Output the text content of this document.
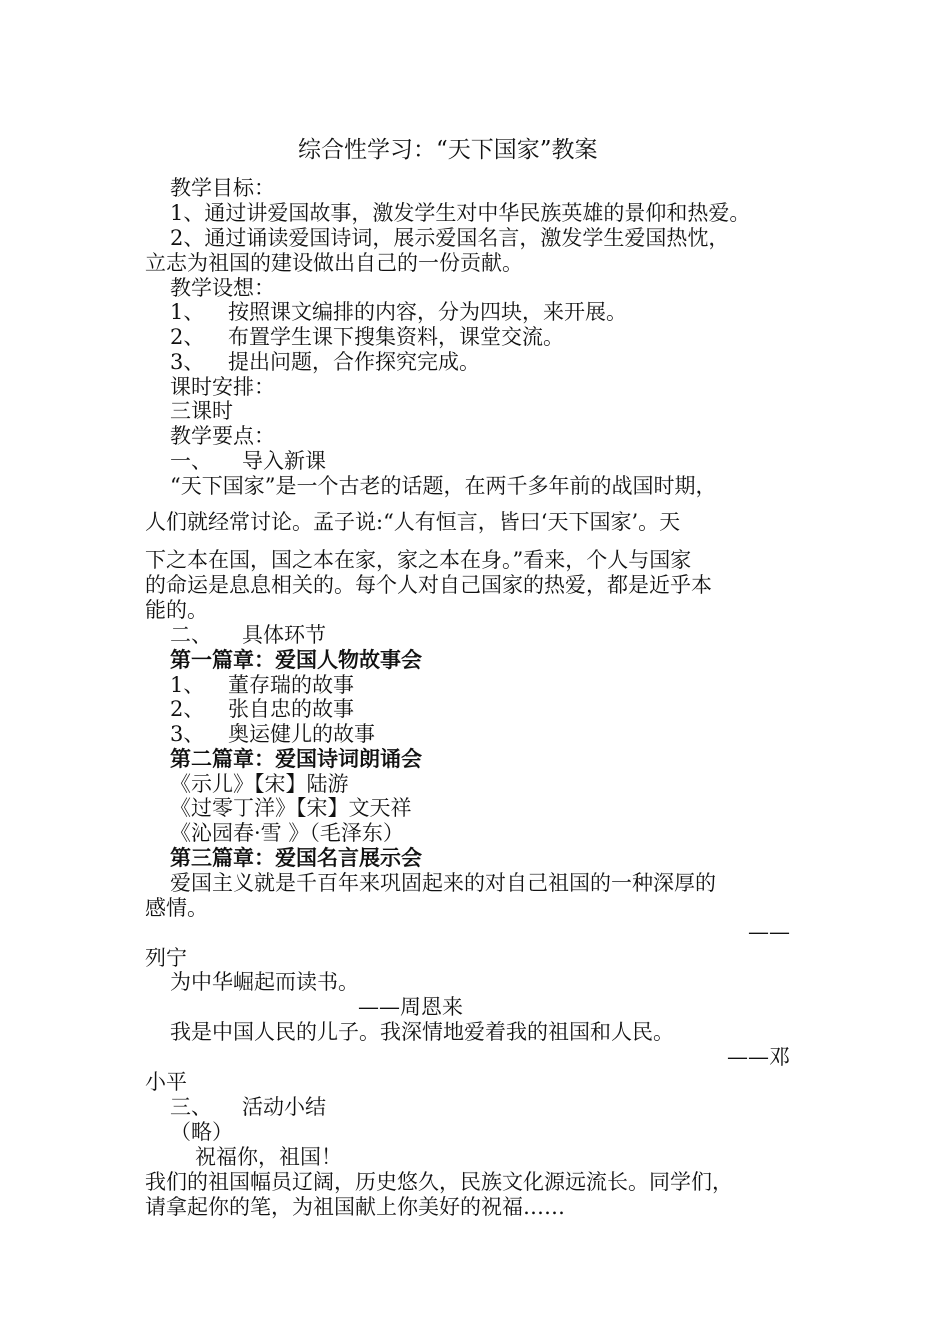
综合性学习：“天下国家”教案

教学目标：

1、通过讲爱国故事，激发学生对中华民族英雄的景仰和热爱。

2、通过诵读爱国诗词，展示爱国名言，激发学生爱国热忱，

立志为祖国的建设做出自己的一份贡献。

教学设想：

1、 按照课文编排的内容，分为四块，来开展。

2、 布置学生课下搜集资料，课堂交流。

3、 提出问题，合作探究完成。

课时安排：

三课时

教学要点：

一、 导入新课

“天下国家”是一个古老的话题，在两千多年前的战国时期，

人们就经常讨论。孟子说:“人有恒言，皆曰‘天下国家’。天

下之本在国，国之本在家，家之本在身。”看来，个人与国家

的命运是息息相关的。每个人对自己国家的热爱，都是近乎本

能的。

二、 具体环节

第一篇章：爱国人物故事会

1、 董存瑞的故事

2、 张自忠的故事

3、 奥运健儿的故事

第二篇章：爱国诗词朗诵会

《示儿》【宋】陆游

《过零丁洋》【宋】文天祥

《沁园春·雪 》（毛泽东）

第三篇章：爱国名言展示会

爱国主义就是千百年来巩固起来的对自己祖国的一种深厚的

感情。

——

列宁

为中华崛起而读书。

——周恩来

我是中国人民的儿子。我深情地爱着我的祖国和人民。

——邓

小平

三、 活动小结

（略）

祝福你，祖国！

我们的祖国幅员辽阔，历史悠久，民族文化源远流长。同学们，

请拿起你的笔，为祖国献上你美好的祝福……
